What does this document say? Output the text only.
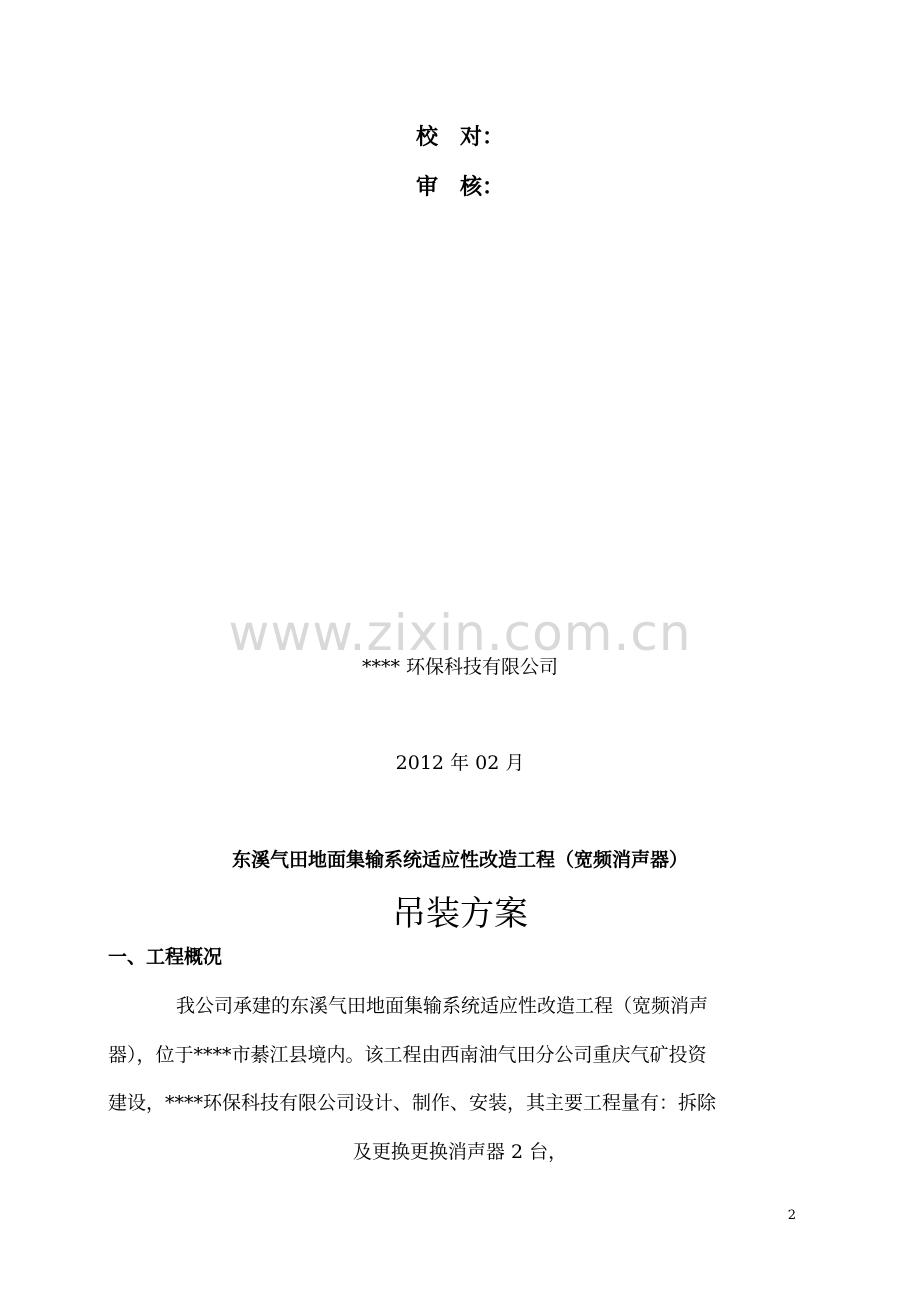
校　对：
审　核：
www.zixin.com.cn
**** 环保科技有限公司
2012 年 02 月
东溪气田地面集输系统适应性改造工程（宽频消声器）
吊装方案
一、工程概况
我公司承建的东溪气田地面集输系统适应性改造工程（宽频消声
器），位于****市綦江县境内。该工程由西南油气田分公司重庆气矿投资
建设，****环保科技有限公司设计、制作、安装，其主要工程量有：拆除
及更换更换消声器 2 台，
2
